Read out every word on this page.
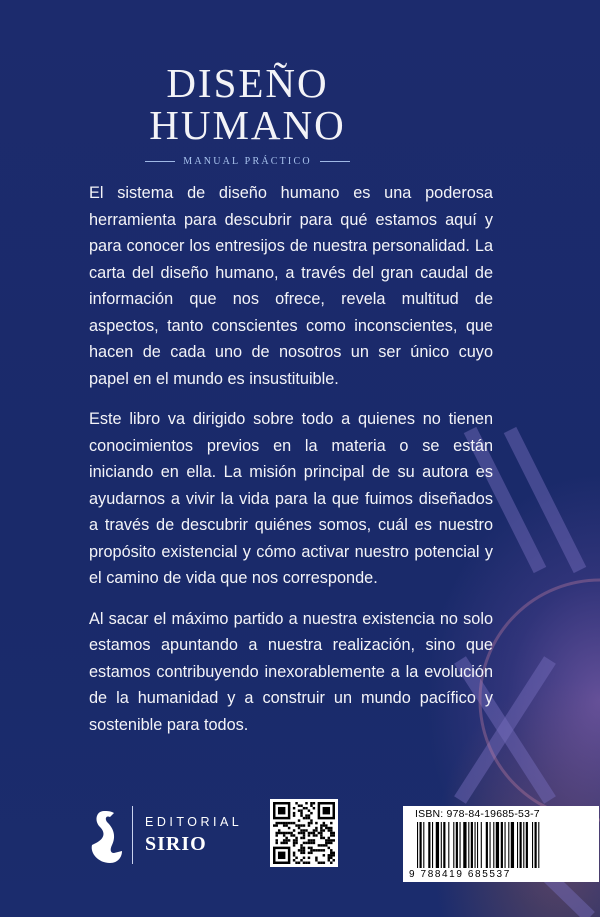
DISEÑO
HUMANO
MANUAL PRÁCTICO

El sistema de diseño humano es una poderosa herramienta para descubrir para qué estamos aquí y para conocer los entresijos de nuestra personalidad. La carta del diseño humano, a través del gran caudal de información que nos ofrece, revela multitud de aspectos, tanto conscientes como inconscientes, que hacen de cada uno de nosotros un ser único cuyo papel en el mundo es insustituible.

Este libro va dirigido sobre todo a quienes no tienen conocimientos previos en la materia o se están iniciando en ella. La misión principal de su autora es ayudarnos a vivir la vida para la que fuimos diseñados a través de descubrir quiénes somos, cuál es nuestro propósito existencial y cómo activar nuestro potencial y el camino de vida que nos corresponde.

Al sacar el máximo partido a nuestra existencia no solo estamos apuntando a nuestra realización, sino que estamos contribuyendo inexorablemente a la evolución de la humanidad y a construir un mundo pacífico y sostenible para todos.

EDITORIAL
SIRIO
ISBN: 978-84-19685-53-7
9 788419 685537
